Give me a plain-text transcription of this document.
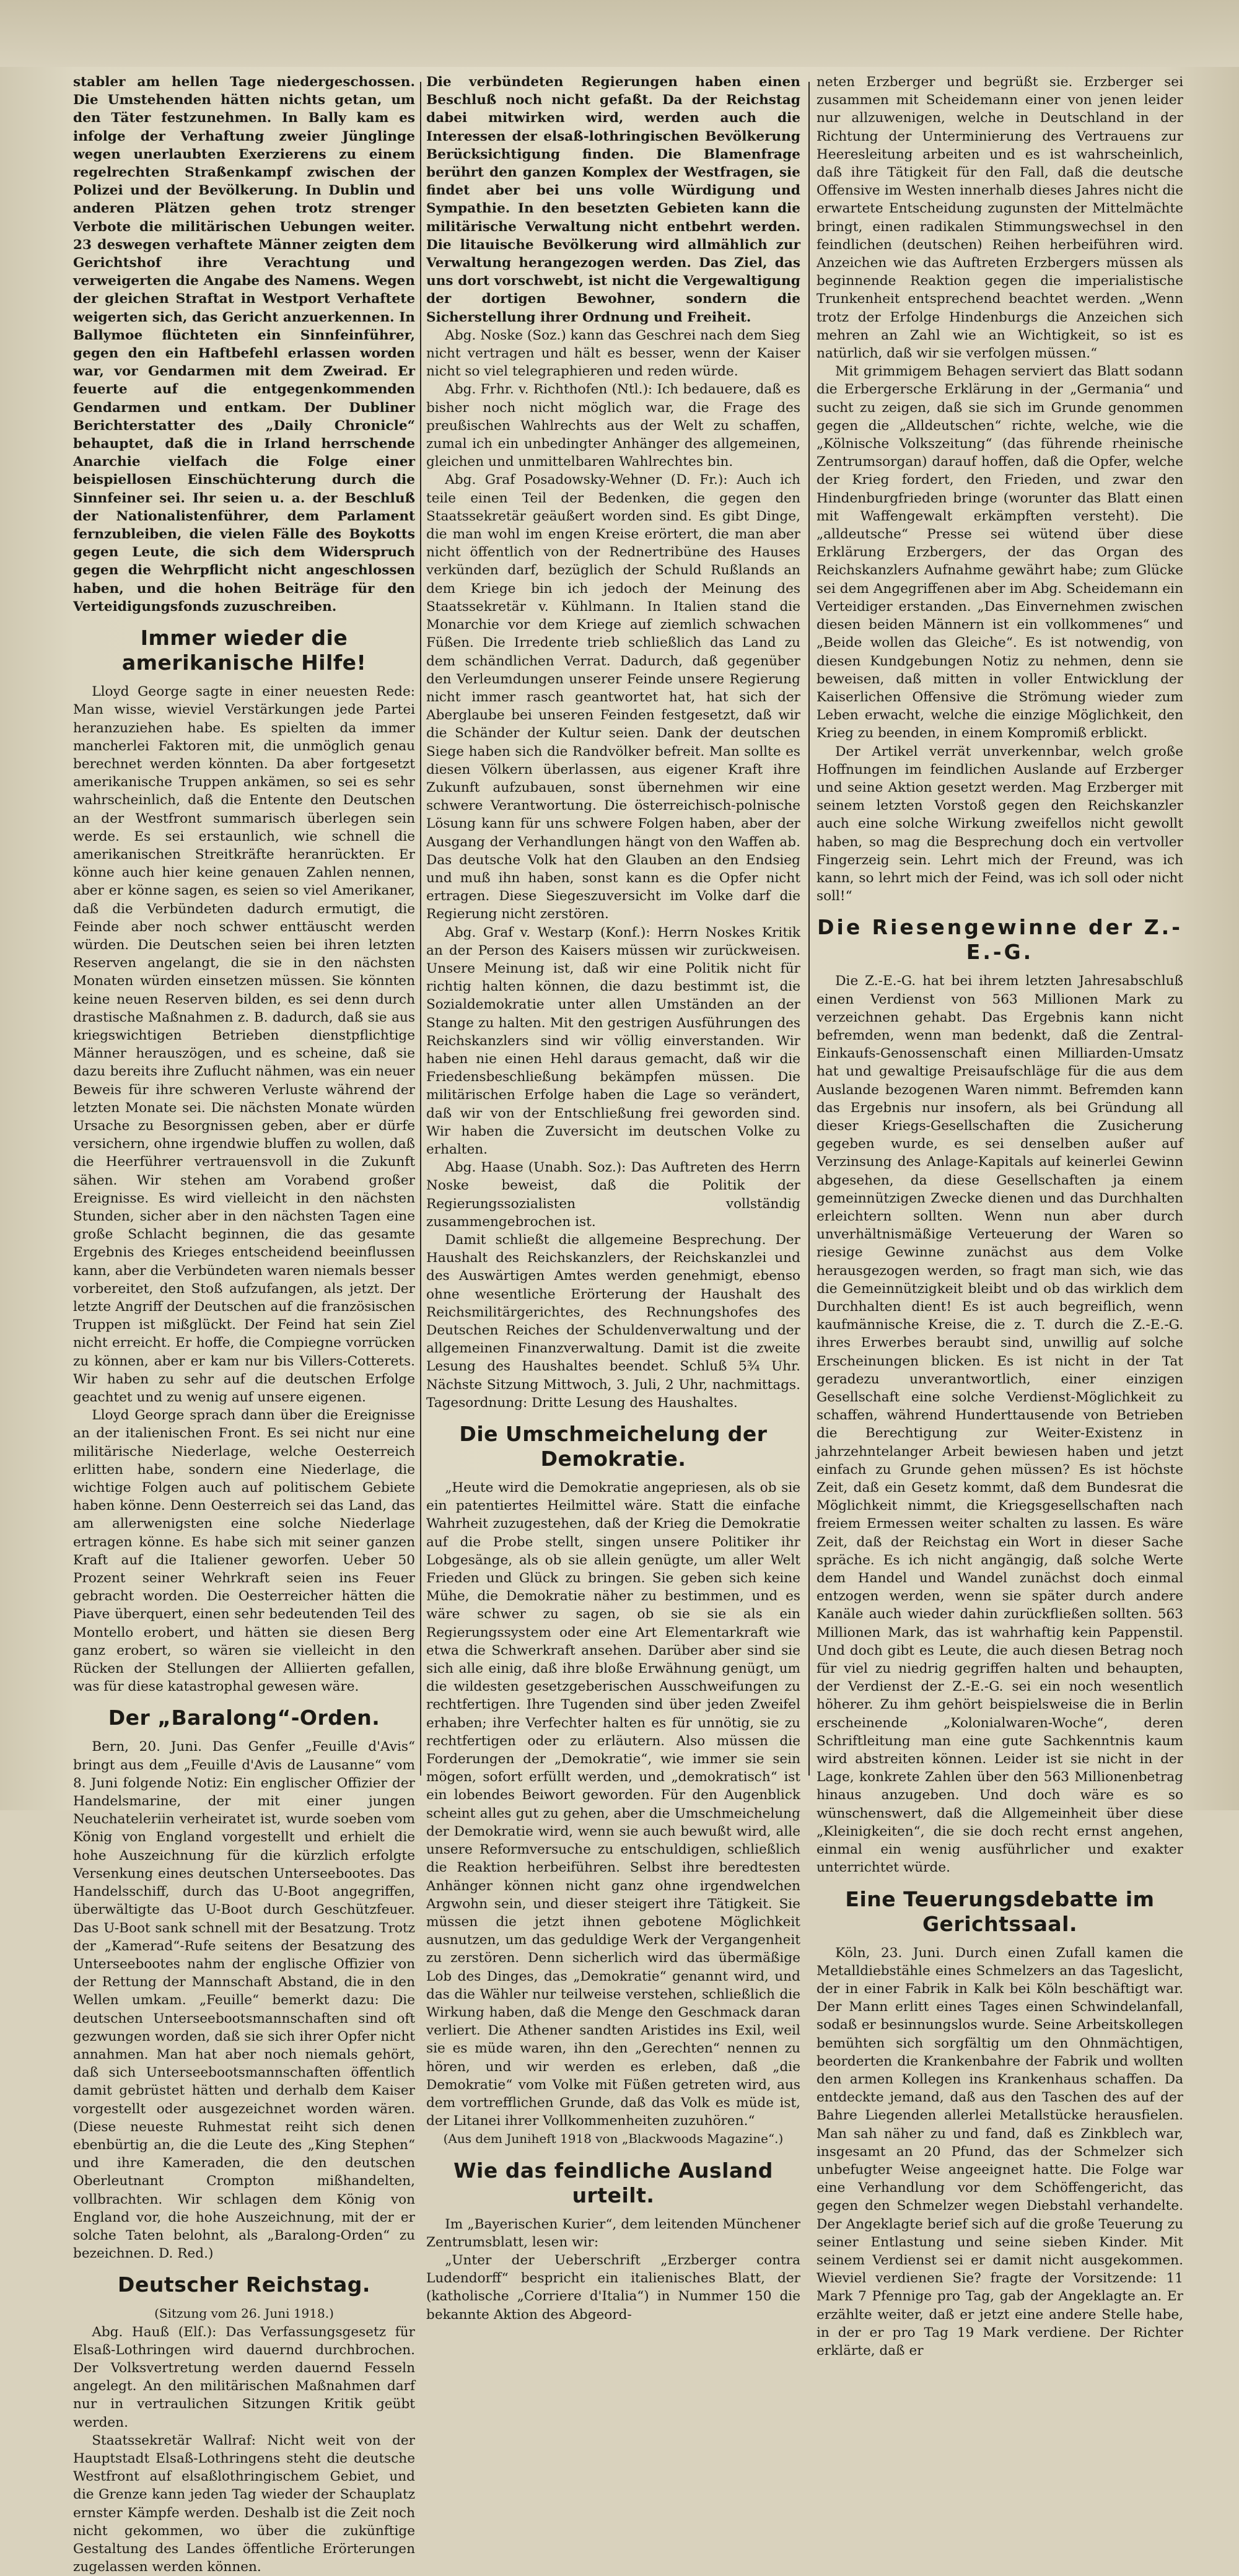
stabler am hellen Tage niedergeschossen. Die Umstehenden hätten nichts getan, um den Täter festzunehmen. In Bally kam es infolge der Verhaftung zweier Jünglinge wegen unerlaubten Exerzierens zu einem regelrechten Straßenkampf zwischen der Polizei und der Bevölkerung. In Dublin und anderen Plätzen gehen trotz strenger Verbote die militärischen Uebungen weiter. 23 deswegen verhaftete Männer zeigten dem Gerichtshof ihre Verachtung und verweigerten die Angabe des Namens. Wegen der gleichen Straftat in Westport Verhaftete weigerten sich, das Gericht anzuerkennen. In Ballymoe flüchteten ein Sinnfeinführer, gegen den ein Haftbefehl erlassen worden war, vor Gendarmen mit dem Zweirad. Er feuerte auf die entgegenkommenden Gendarmen und entkam. Der Dubliner Berichterstatter des „Daily Chronicle“ behauptet, daß die in Irland herrschende Anarchie vielfach die Folge einer beispiellosen Einschüchterung durch die Sinnfeiner sei. Ihr seien u. a. der Beschluß der Nationalistenführer, dem Parlament fernzubleiben, die vielen Fälle des Boykotts gegen Leute, die sich dem Widerspruch gegen die Wehrpflicht nicht angeschlossen haben, und die hohen Beiträge für den Verteidigungsfonds zuzuschreiben.

Immer wieder die amerikanische Hilfe!

Lloyd George sagte in einer neuesten Rede: Man wisse, wieviel Verstärkungen jede Partei heranzuziehen habe. Es spielten da immer mancherlei Faktoren mit, die unmöglich genau berechnet werden könnten. Da aber fortgesetzt amerikanische Truppen ankämen, so sei es sehr wahrscheinlich, daß die Entente den Deutschen an der Westfront summarisch überlegen sein werde. Es sei erstaunlich, wie schnell die amerikanischen Streitkräfte heranrückten. Er könne auch hier keine genauen Zahlen nennen, aber er könne sagen, es seien so viel Amerikaner, daß die Verbündeten dadurch ermutigt, die Feinde aber noch schwer enttäuscht werden würden. Die Deutschen seien bei ihren letzten Reserven angelangt, die sie in den nächsten Monaten würden einsetzen müssen. Sie könnten keine neuen Reserven bilden, es sei denn durch drastische Maßnahmen z. B. dadurch, daß sie aus kriegswichtigen Betrieben dienstpflichtige Männer herauszögen, und es scheine, daß sie dazu bereits ihre Zuflucht nähmen, was ein neuer Beweis für ihre schweren Verluste während der letzten Monate sei. Die nächsten Monate würden Ursache zu Besorgnissen geben, aber er dürfe versichern, ohne irgendwie bluffen zu wollen, daß die Heerführer vertrauensvoll in die Zukunft sähen. Wir stehen am Vorabend großer Ereignisse. Es wird vielleicht in den nächsten Stunden, sicher aber in den nächsten Tagen eine große Schlacht beginnen, die das gesamte Ergebnis des Krieges entscheidend beeinflussen kann, aber die Verbündeten waren niemals besser vorbereitet, den Stoß aufzufangen, als jetzt. Der letzte Angriff der Deutschen auf die französischen Truppen ist mißglückt. Der Feind hat sein Ziel nicht erreicht. Er hoffe, die Compiegne vorrücken zu können, aber er kam nur bis Villers-Cotterets. Wir haben zu sehr auf die deutschen Erfolge geachtet und zu wenig auf unsere eigenen.

Lloyd George sprach dann über die Ereignisse an der italienischen Front. Es sei nicht nur eine militärische Niederlage, welche Oesterreich erlitten habe, sondern eine Niederlage, die wichtige Folgen auch auf politischem Gebiete haben könne. Denn Oesterreich sei das Land, das am allerwenigsten eine solche Niederlage ertragen könne. Es habe sich mit seiner ganzen Kraft auf die Italiener geworfen. Ueber 50 Prozent seiner Wehrkraft seien ins Feuer gebracht worden. Die Oesterreicher hätten die Piave überquert, einen sehr bedeutenden Teil des Montello erobert, und hätten sie diesen Berg ganz erobert, so wären sie vielleicht in den Rücken der Stellungen der Alliierten gefallen, was für diese katastrophal gewesen wäre.

Der „Baralong“-Orden.

Bern, 20. Juni. Das Genfer „Feuille d'Avis“ bringt aus dem „Feuille d'Avis de Lausanne“ vom 8. Juni folgende Notiz: Ein englischer Offizier der Handelsmarine, der mit einer jungen Neuchateleriin verheiratet ist, wurde soeben vom König von England vorgestellt und erhielt die hohe Auszeichnung für die kürzlich erfolgte Versenkung eines deutschen Unterseebootes. Das Handelsschiff, durch das U-Boot angegriffen, überwältigte das U-Boot durch Geschützfeuer. Das U-Boot sank schnell mit der Besatzung. Trotz der „Kamerad“-Rufe seitens der Besatzung des Unterseebootes nahm der englische Offizier von der Rettung der Mannschaft Abstand, die in den Wellen umkam. „Feuille“ bemerkt dazu: Die deutschen Unterseebootsmannschaften sind oft gezwungen worden, daß sie sich ihrer Opfer nicht annahmen. Man hat aber noch niemals gehört, daß sich Unterseebootsmannschaften öffentlich damit gebrüstet hätten und derhalb dem Kaiser vorgestellt oder ausgezeichnet worden wären. (Diese neueste Ruhmestat reiht sich denen ebenbürtig an, die die Leute des „King Stephen“ und ihre Kameraden, die den deutschen Oberleutnant Crompton mißhandelten, vollbrachten. Wir schlagen dem König von England vor, die hohe Auszeichnung, mit der er solche Taten belohnt, als „Baralong-Orden“ zu bezeichnen. D. Red.)

Deutscher Reichstag.

(Sitzung vom 26. Juni 1918.)

Abg. Hauß (Elſ.): Das Verfassungsgesetz für Elsaß-Lothringen wird dauernd durchbrochen. Der Volksvertretung werden dauernd Fesseln angelegt. An den militärischen Maßnahmen darf nur in vertraulichen Sitzungen Kritik geübt werden.

Staatssekretär Wallraf: Nicht weit von der Hauptstadt Elsaß-Lothringens steht die deutsche Westfront auf elsaßlothringischem Gebiet, und die Grenze kann jeden Tag wieder der Schauplatz ernster Kämpfe werden. Deshalb ist die Zeit noch nicht gekommen, wo über die zukünftige Gestaltung des Landes öffentliche Erörterungen zugelassen werden können.

Die verbündeten Regierungen haben einen Beschluß noch nicht gefaßt. Da der Reichstag dabei mitwirken wird, werden auch die Interessen der elsaß-lothringischen Bevölkerung Berücksichtigung finden. Die Blamenfrage berührt den ganzen Komplex der Westfragen, sie findet aber bei uns volle Würdigung und Sympathie. In den besetzten Gebieten kann die militärische Verwaltung nicht entbehrt werden. Die litauische Bevölkerung wird allmählich zur Verwaltung herangezogen werden. Das Ziel, das uns dort vorschwebt, ist nicht die Vergewaltigung der dortigen Bewohner, sondern die Sicherstellung ihrer Ordnung und Freiheit.

Abg. Noske (Soz.) kann das Geschrei nach dem Sieg nicht vertragen und hält es besser, wenn der Kaiser nicht so viel telegraphieren und reden würde.

Abg. Frhr. v. Richthofen (Ntl.): Ich bedauere, daß es bisher noch nicht möglich war, die Frage des preußischen Wahlrechts aus der Welt zu schaffen, zumal ich ein unbedingter Anhänger des allgemeinen, gleichen und unmittelbaren Wahlrechtes bin.

Abg. Graf Posadowsky-Wehner (D. Fr.): Auch ich teile einen Teil der Bedenken, die gegen den Staatssekretär geäußert worden sind. Es gibt Dinge, die man wohl im engen Kreise erörtert, die man aber nicht öffentlich von der Rednertribüne des Hauses verkünden darf, bezüglich der Schuld Rußlands an dem Kriege bin ich jedoch der Meinung des Staatssekretär v. Kühlmann. In Italien stand die Monarchie vor dem Kriege auf ziemlich schwachen Füßen. Die Irredente trieb schließlich das Land zu dem schändlichen Verrat. Dadurch, daß gegenüber den Verleumdungen unserer Feinde unsere Regierung nicht immer rasch geantwortet hat, hat sich der Aberglaube bei unseren Feinden festgesetzt, daß wir die Schänder der Kultur seien. Dank der deutschen Siege haben sich die Randvölker befreit. Man sollte es diesen Völkern überlassen, aus eigener Kraft ihre Zukunft aufzubauen, sonst übernehmen wir eine schwere Verantwortung. Die österreichisch-polnische Lösung kann für uns schwere Folgen haben, aber der Ausgang der Verhandlungen hängt von den Waffen ab. Das deutsche Volk hat den Glauben an den Endsieg und muß ihn haben, sonst kann es die Opfer nicht ertragen. Diese Siegeszuversicht im Volke darf die Regierung nicht zerstören.

Abg. Graf v. Westarp (Konf.): Herrn Noskes Kritik an der Person des Kaisers müssen wir zurückweisen. Unsere Meinung ist, daß wir eine Politik nicht für richtig halten können, die dazu bestimmt ist, die Sozialdemokratie unter allen Umständen an der Stange zu halten. Mit den gestrigen Ausführungen des Reichskanzlers sind wir völlig einverstanden. Wir haben nie einen Hehl daraus gemacht, daß wir die Friedensbeschließung bekämpfen müssen. Die militärischen Erfolge haben die Lage so verändert, daß wir von der Entschließung frei geworden sind. Wir haben die Zuversicht im deutschen Volke zu erhalten.

Abg. Haase (Unabh. Soz.): Das Auftreten des Herrn Noske beweist, daß die Politik der Regierungssozialisten vollständig zusammengebrochen ist.

Damit schließt die allgemeine Besprechung. Der Haushalt des Reichskanzlers, der Reichskanzlei und des Auswärtigen Amtes werden genehmigt, ebenso ohne wesentliche Erörterung der Haushalt des Reichsmilitärgerichtes, des Rechnungshofes des Deutschen Reiches der Schuldenverwaltung und der allgemeinen Finanzverwaltung. Damit ist die zweite Lesung des Haushaltes beendet. Schluß 5¾ Uhr. Nächste Sitzung Mittwoch, 3. Juli, 2 Uhr, nachmittags. Tagesordnung: Dritte Lesung des Haushaltes.

Die Umschmeichelung der Demokratie.

„Heute wird die Demokratie angepriesen, als ob sie ein patentiertes Heilmittel wäre. Statt die einfache Wahrheit zuzugestehen, daß der Krieg die Demokratie auf die Probe stellt, singen unsere Politiker ihr Lobgesänge, als ob sie allein genügte, um aller Welt Frieden und Glück zu bringen. Sie geben sich keine Mühe, die Demokratie näher zu bestimmen, und es wäre schwer zu sagen, ob sie sie als ein Regierungssystem oder eine Art Elementarkraft wie etwa die Schwerkraft ansehen. Darüber aber sind sie sich alle einig, daß ihre bloße Erwähnung genügt, um die wildesten gesetzgeberischen Ausschweifungen zu rechtfertigen. Ihre Tugenden sind über jeden Zweifel erhaben; ihre Verfechter halten es für unnötig, sie zu rechtfertigen oder zu erläutern. Also müssen die Forderungen der „Demokratie“, wie immer sie sein mögen, sofort erfüllt werden, und „demokratisch“ ist ein lobendes Beiwort geworden. Für den Augenblick scheint alles gut zu gehen, aber die Umschmeichelung der Demokratie wird, wenn sie auch bewußt wird, alle unsere Reformversuche zu entschuldigen, schließlich die Reaktion herbeiführen. Selbst ihre beredtesten Anhänger können nicht ganz ohne irgendwelchen Argwohn sein, und dieser steigert ihre Tätigkeit. Sie müssen die jetzt ihnen gebotene Möglichkeit ausnutzen, um das geduldige Werk der Vergangenheit zu zerstören. Denn sicherlich wird das übermäßige Lob des Dinges, das „Demokratie“ genannt wird, und das die Wähler nur teilweise verstehen, schließlich die Wirkung haben, daß die Menge den Geschmack daran verliert. Die Athener sandten Aristides ins Exil, weil sie es müde waren, ihn den „Gerechten“ nennen zu hören, und wir werden es erleben, daß „die Demokratie“ vom Volke mit Füßen getreten wird, aus dem vortrefflichen Grunde, daß das Volk es müde ist, der Litanei ihrer Vollkommenheiten zuzuhören.“

(Aus dem Juniheft 1918 von „Blackwoods Magazine“.)

Wie das feindliche Ausland urteilt.

Im „Bayerischen Kurier“, dem leitenden Münchener Zentrumsblatt, lesen wir:

„Unter der Ueberschrift „Erzberger contra Ludendorff“ bespricht ein italienisches Blatt, der (katholische „Corriere d'Italia“) in Nummer 150 die bekannte Aktion des Abgeord-

neten Erzberger und begrüßt sie. Erzberger sei zusammen mit Scheidemann einer von jenen leider nur allzuwenigen, welche in Deutschland in der Richtung der Unterminierung des Vertrauens zur Heeresleitung arbeiten und es ist wahrscheinlich, daß ihre Tätigkeit für den Fall, daß die deutsche Offensive im Westen innerhalb dieses Jahres nicht die erwartete Entscheidung zugunsten der Mittelmächte bringt, einen radikalen Stimmungswechsel in den feindlichen (deutschen) Reihen herbeiführen wird. Anzeichen wie das Auftreten Erzbergers müssen als beginnende Reaktion gegen die imperialistische Trunkenheit entsprechend beachtet werden. „Wenn trotz der Erfolge Hindenburgs die Anzeichen sich mehren an Zahl wie an Wichtigkeit, so ist es natürlich, daß wir sie verfolgen müssen.“

Mit grimmigem Behagen serviert das Blatt sodann die Erbergersche Erklärung in der „Germania“ und sucht zu zeigen, daß sie sich im Grunde genommen gegen die „Alldeutschen“ richte, welche, wie die „Kölnische Volkszeitung“ (das führende rheinische Zentrumsorgan) darauf hoffen, daß die Opfer, welche der Krieg fordert, den Frieden, und zwar den Hindenburgfrieden bringe (worunter das Blatt einen mit Waffengewalt erkämpften versteht). Die „alldeutsche“ Presse sei wütend über diese Erklärung Erzbergers, der das Organ des Reichskanzlers Aufnahme gewährt habe; zum Glücke sei dem Angegriffenen aber im Abg. Scheidemann ein Verteidiger erstanden. „Das Einvernehmen zwischen diesen beiden Männern ist ein vollkommenes“ und „Beide wollen das Gleiche“. Es ist notwendig, von diesen Kundgebungen Notiz zu nehmen, denn sie beweisen, daß mitten in voller Entwicklung der Kaiserlichen Offensive die Strömung wieder zum Leben erwacht, welche die einzige Möglichkeit, den Krieg zu beenden, in einem Kompromiß erblickt.

Der Artikel verrät unverkennbar, welch große Hoffnungen im feindlichen Auslande auf Erzberger und seine Aktion gesetzt werden. Mag Erzberger mit seinem letzten Vorstoß gegen den Reichskanzler auch eine solche Wirkung zweifellos nicht gewollt haben, so mag die Besprechung doch ein vertvoller Fingerzeig sein. Lehrt mich der Freund, was ich kann, so lehrt mich der Feind, was ich soll oder nicht soll!“

Die Riesengewinne der Z.-E.-G.

Die Z.-E.-G. hat bei ihrem letzten Jahresabschluß einen Verdienst von 563 Millionen Mark zu verzeichnen gehabt. Das Ergebnis kann nicht befremden, wenn man bedenkt, daß die Zentral-Einkaufs-Genossenschaft einen Milliarden-Umsatz hat und gewaltige Preisaufschläge für die aus dem Auslande bezogenen Waren nimmt. Befremden kann das Ergebnis nur insofern, als bei Gründung all dieser Kriegs-Gesellschaften die Zusicherung gegeben wurde, es sei denselben außer auf Verzinsung des Anlage-Kapitals auf keinerlei Gewinn abgesehen, da diese Gesellschaften ja einem gemeinnützigen Zwecke dienen und das Durchhalten erleichtern sollten. Wenn nun aber durch unverhältnismäßige Verteuerung der Waren so riesige Gewinne zunächst aus dem Volke herausgezogen werden, so fragt man sich, wie das die Gemeinnützigkeit bleibt und ob das wirklich dem Durchhalten dient! Es ist auch begreiflich, wenn kaufmännische Kreise, die z. T. durch die Z.-E.-G. ihres Erwerbes beraubt sind, unwillig auf solche Erscheinungen blicken. Es ist nicht in der Tat geradezu unverantwortlich, einer einzigen Gesellschaft eine solche Verdienst-Möglichkeit zu schaffen, während Hunderttausende von Betrieben die Berechtigung zur Weiter-Existenz in jahrzehntelanger Arbeit bewiesen haben und jetzt einfach zu Grunde gehen müssen? Es ist höchste Zeit, daß ein Gesetz kommt, daß dem Bundesrat die Möglichkeit nimmt, die Kriegsgesellschaften nach freiem Ermessen weiter schalten zu lassen. Es wäre Zeit, daß der Reichstag ein Wort in dieser Sache spräche. Es ich nicht angängig, daß solche Werte dem Handel und Wandel zunächst doch einmal entzogen werden, wenn sie später durch andere Kanäle auch wieder dahin zurückfließen sollten. 563 Millionen Mark, das ist wahrhaftig kein Pappenstil. Und doch gibt es Leute, die auch diesen Betrag noch für viel zu niedrig gegriffen halten und behaupten, der Verdienst der Z.-E.-G. sei ein noch wesentlich höherer. Zu ihm gehört beispielsweise die in Berlin erscheinende „Kolonialwaren-Woche“, deren Schriftleitung man eine gute Sachkenntnis kaum wird abstreiten können. Leider ist sie nicht in der Lage, konkrete Zahlen über den 563 Millionenbetrag hinaus anzugeben. Und doch wäre es so wünschenswert, daß die Allgemeinheit über diese „Kleinigkeiten“, die sie doch recht ernst angehen, einmal ein wenig ausführlicher und exakter unterrichtet würde.

Eine Teuerungsdebatte im Gerichtssaal.

Köln, 23. Juni. Durch einen Zufall kamen die Metalldiebstähle eines Schmelzers an das Tageslicht, der in einer Fabrik in Kalk bei Köln beschäftigt war. Der Mann erlitt eines Tages einen Schwindelanfall, sodaß er besinnungslos wurde. Seine Arbeitskollegen bemühten sich sorgfältig um den Ohnmächtigen, beorderten die Krankenbahre der Fabrik und wollten den armen Kollegen ins Krankenhaus schaffen. Da entdeckte jemand, daß aus den Taschen des auf der Bahre Liegenden allerlei Metallstücke herausfielen. Man sah näher zu und fand, daß es Zinkblech war, insgesamt an 20 Pfund, das der Schmelzer sich unbefugter Weise angeeignet hatte. Die Folge war eine Verhandlung vor dem Schöffengericht, das gegen den Schmelzer wegen Diebstahl verhandelte. Der Angeklagte berief sich auf die große Teuerung zu seiner Entlastung und seine sieben Kinder. Mit seinem Verdienst sei er damit nicht ausgekommen. Wieviel verdienen Sie? fragte der Vorsitzende: 11 Mark 7 Pfennige pro Tag, gab der Angeklagte an. Er erzählte weiter, daß er jetzt eine andere Stelle habe, in der er pro Tag 19 Mark verdiene. Der Richter erklärte, daß er
